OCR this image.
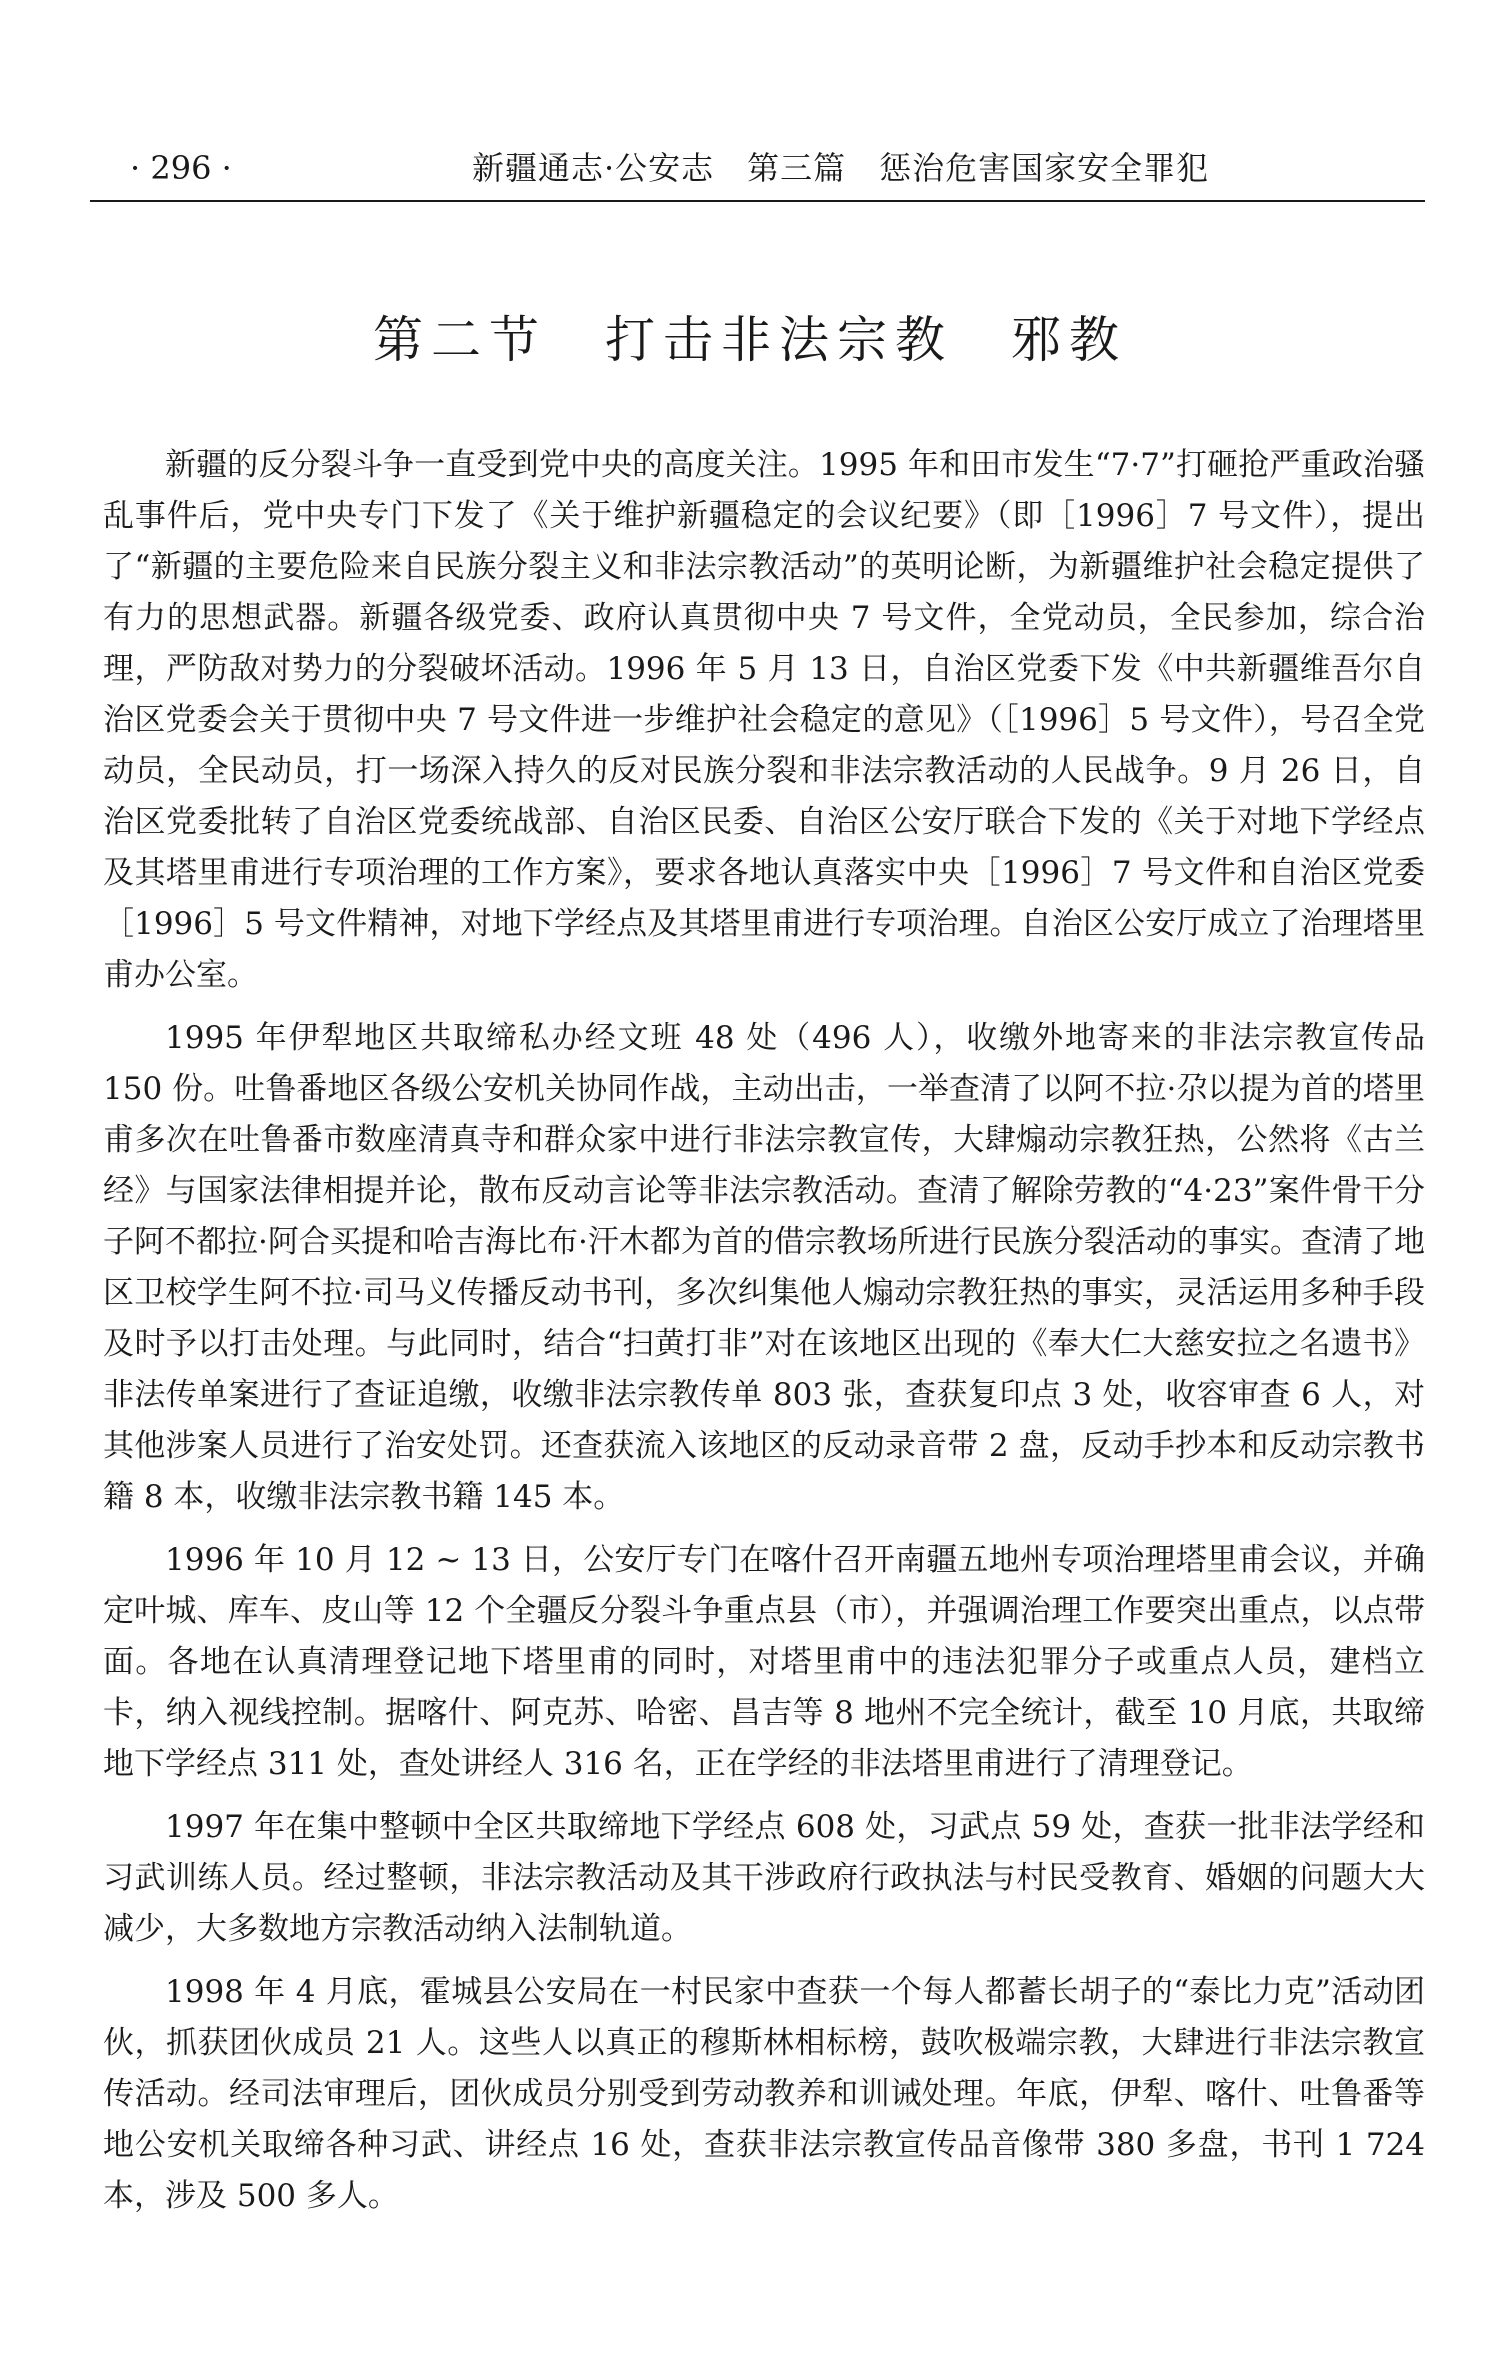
· 296 ·	新疆通志·公安志　第三篇　惩治危害国家安全罪犯
第二节　打击非法宗教　邪教

新疆的反分裂斗争一直受到党中央的高度关注。1995 年和田市发生“7·7”打砸抢严重政治骚乱事件后，党中央专门下发了《关于维护新疆稳定的会议纪要》（即［1996］7 号文件），提出了“新疆的主要危险来自民族分裂主义和非法宗教活动”的英明论断，为新疆维护社会稳定提供了有力的思想武器。新疆各级党委、政府认真贯彻中央 7 号文件，全党动员，全民参加，综合治理，严防敌对势力的分裂破坏活动。1996 年 5 月 13 日，自治区党委下发《中共新疆维吾尔自治区党委会关于贯彻中央 7 号文件进一步维护社会稳定的意见》（［1996］5 号文件），号召全党动员，全民动员，打一场深入持久的反对民族分裂和非法宗教活动的人民战争。9 月 26 日，自治区党委批转了自治区党委统战部、自治区民委、自治区公安厅联合下发的《关于对地下学经点及其塔里甫进行专项治理的工作方案》，要求各地认真落实中央［1996］7 号文件和自治区党委［1996］5 号文件精神，对地下学经点及其塔里甫进行专项治理。自治区公安厅成立了治理塔里甫办公室。

1995 年伊犁地区共取缔私办经文班 48 处（496 人），收缴外地寄来的非法宗教宣传品 150 份。吐鲁番地区各级公安机关协同作战，主动出击，一举查清了以阿不拉·尕以提为首的塔里甫多次在吐鲁番市数座清真寺和群众家中进行非法宗教宣传，大肆煽动宗教狂热，公然将《古兰经》与国家法律相提并论，散布反动言论等非法宗教活动。查清了解除劳教的“4·23”案件骨干分子阿不都拉·阿合买提和哈吉海比布·汗木都为首的借宗教场所进行民族分裂活动的事实。查清了地区卫校学生阿不拉·司马义传播反动书刊，多次纠集他人煽动宗教狂热的事实，灵活运用多种手段及时予以打击处理。与此同时，结合“扫黄打非”对在该地区出现的《奉大仁大慈安拉之名遗书》非法传单案进行了查证追缴，收缴非法宗教传单 803 张，查获复印点 3 处，收容审查 6 人，对其他涉案人员进行了治安处罚。还查获流入该地区的反动录音带 2 盘，反动手抄本和反动宗教书籍 8 本，收缴非法宗教书籍 145 本。

1996 年 10 月 12 ~ 13 日，公安厅专门在喀什召开南疆五地州专项治理塔里甫会议，并确定叶城、库车、皮山等 12 个全疆反分裂斗争重点县（市），并强调治理工作要突出重点，以点带面。各地在认真清理登记地下塔里甫的同时，对塔里甫中的违法犯罪分子或重点人员，建档立卡，纳入视线控制。据喀什、阿克苏、哈密、昌吉等 8 地州不完全统计，截至 10 月底，共取缔地下学经点 311 处，查处讲经人 316 名，正在学经的非法塔里甫进行了清理登记。

1997 年在集中整顿中全区共取缔地下学经点 608 处，习武点 59 处，查获一批非法学经和习武训练人员。经过整顿，非法宗教活动及其干涉政府行政执法与村民受教育、婚姻的问题大大减少，大多数地方宗教活动纳入法制轨道。

1998 年 4 月底，霍城县公安局在一村民家中查获一个每人都蓄长胡子的“泰比力克”活动团伙，抓获团伙成员 21 人。这些人以真正的穆斯林相标榜，鼓吹极端宗教，大肆进行非法宗教宣传活动。经司法审理后，团伙成员分别受到劳动教养和训诫处理。年底，伊犁、喀什、吐鲁番等地公安机关取缔各种习武、讲经点 16 处，查获非法宗教宣传品音像带 380 多盘，书刊 1 724 本，涉及 500 多人。
